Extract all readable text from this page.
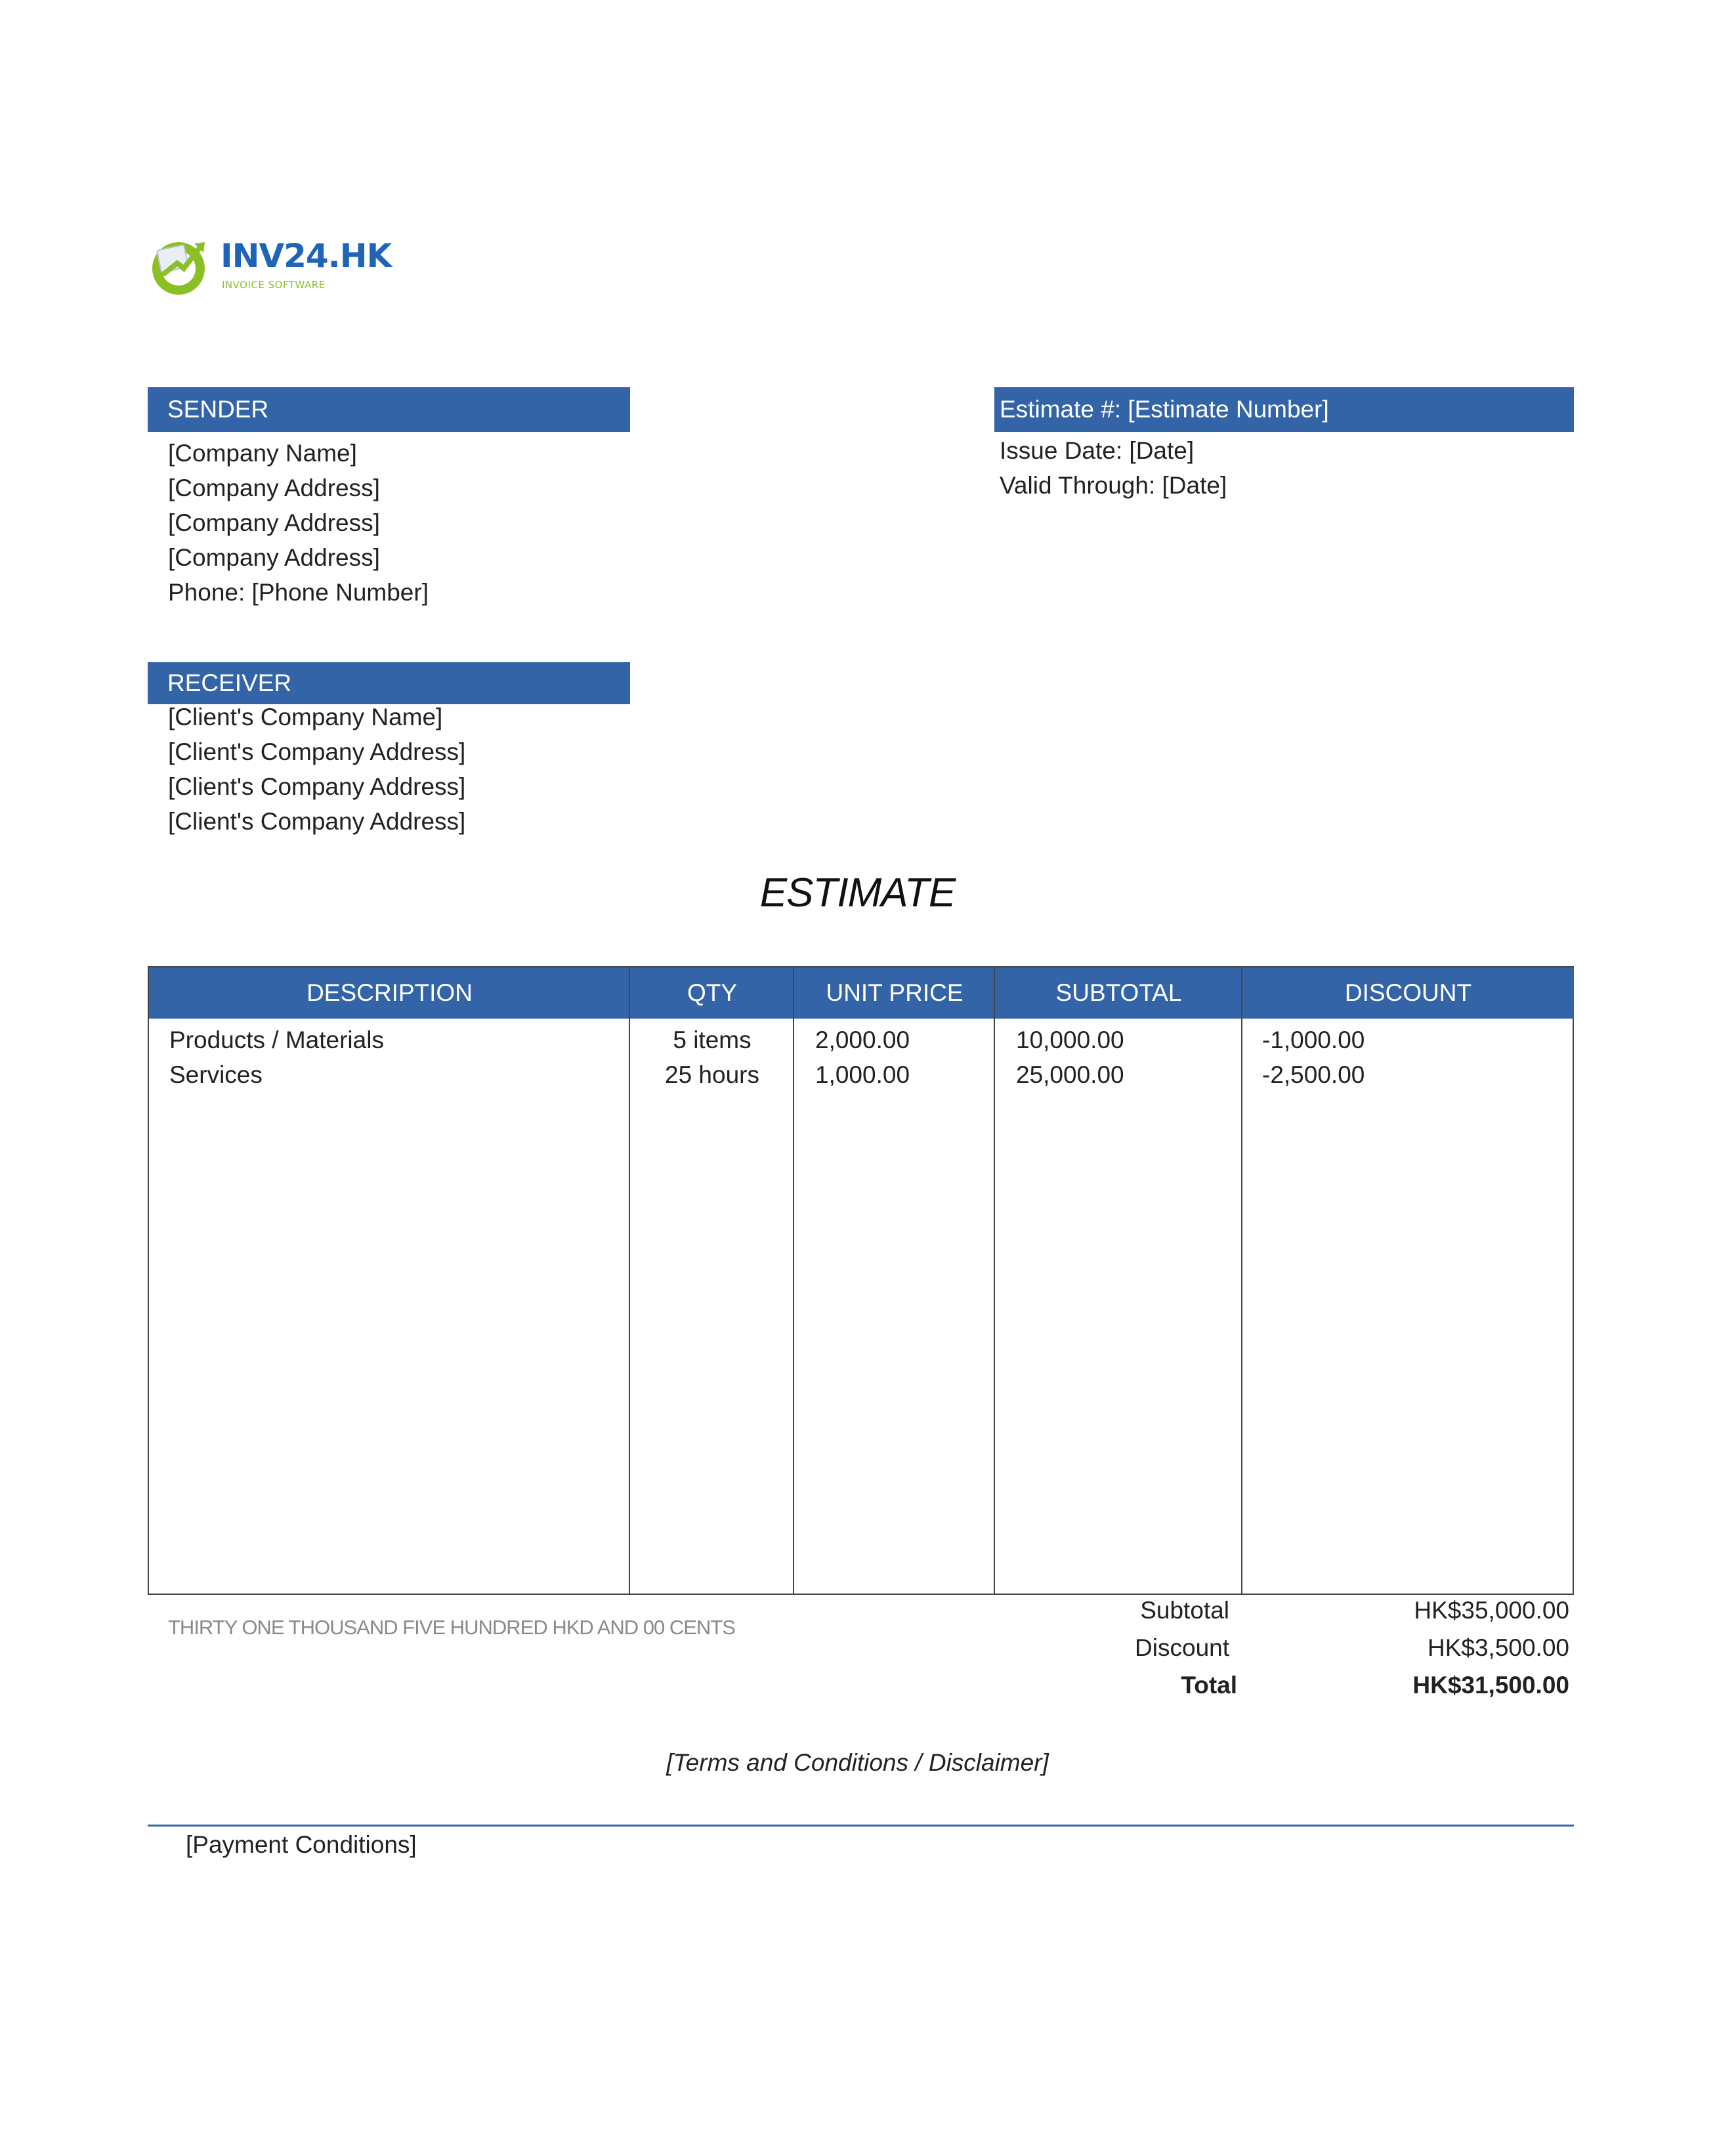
INV24.HK
INVOICE SOFTWARE
SENDER
[Company Name]
[Company Address]
[Company Address]
[Company Address]
Phone: [Phone Number]
Estimate #: [Estimate Number]
Issue Date: [Date]
Valid Through: [Date]
RECEIVER
[Client's Company Name]
[Client's Company Address]
[Client's Company Address]
[Client's Company Address]
ESTIMATE
DESCRIPTION	QTY	UNIT PRICE	SUBTOTAL	DISCOUNT
Products / Materials	5 items	2,000.00	10,000.00	-1,000.00
Services	25 hours	1,000.00	25,000.00	-2,500.00
THIRTY ONE THOUSAND FIVE HUNDRED HKD AND 00 CENTS
Subtotal	HK$35,000.00
Discount	HK$3,500.00
Total	HK$31,500.00
[Terms and Conditions / Disclaimer]
[Payment Conditions]
